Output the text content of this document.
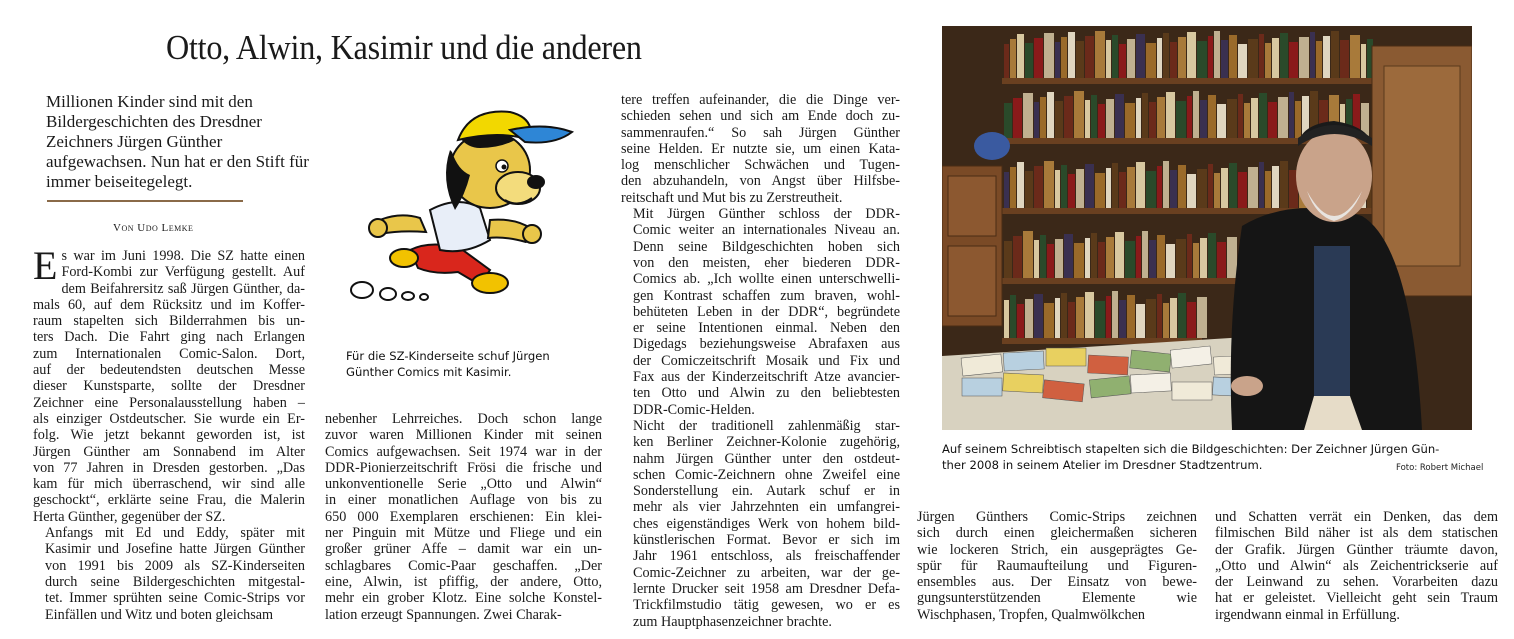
Otto, Alwin, Kasimir und die anderen
Millionen Kinder sind mit den Bildergeschichten des Dresdner Zeichners Jürgen Günther aufgewachsen. Nun hat er den Stift für immer beiseitegelegt.
Von Udo Lemke

E s war im Juni 1998. Die SZ hatte einen
Ford-Kombi zur Verfügung gestellt. Auf
dem Beifahrersitz saß Jürgen Günther, da-
mals 60, auf dem Rücksitz und im Koffer-
raum stapelten sich Bilderrahmen bis un-
ters Dach. Die Fahrt ging nach Erlangen
zum Internationalen Comic-Salon. Dort,
auf der bedeutendsten deutschen Messe
dieser Kunstsparte, sollte der Dresdner
Zeichner eine Personalausstellung haben –
als einziger Ostdeutscher. Sie wurde ein Er-
folg. Wie jetzt bekannt geworden ist, ist
Jürgen Günther am Sonnabend im Alter
von 77 Jahren in Dresden gestorben. „Das
kam für mich überraschend, wir sind alle
geschockt“, erklärte seine Frau, die Malerin
Herta Günther, gegenüber der SZ.

Anfangs mit Ed und Eddy, später mit
Kasimir und Josefine hatte Jürgen Günther
von 1991 bis 2009 als SZ-Kinderseiten
durch seine Bildergeschichten mitgestal-
tet. Immer sprühten seine Comic-Strips vor
Einfällen und Witz und boten gleichsam

Für die SZ-Kinderseite schuf Jürgen Günther Comics mit Kasimir.

nebenher Lehrreiches. Doch schon lange
zuvor waren Millionen Kinder mit seinen
Comics aufgewachsen. Seit 1974 war in der
DDR-Pionierzeitschrift Frösi die frische und
unkonventionelle Serie „Otto und Alwin“
in einer monatlichen Auflage von bis zu
650 000 Exemplaren erschienen: Ein klei-
ner Pinguin mit Mütze und Fliege und ein
großer grüner Affe – damit war ein un-
schlagbares Comic-Paar geschaffen. „Der
eine, Alwin, ist pfiffig, der andere, Otto,
mehr ein grober Klotz. Eine solche Konstel-
lation erzeugt Spannungen. Zwei Charak-

tere treffen aufeinander, die die Dinge ver-
schieden sehen und sich am Ende doch zu-
sammenraufen.“ So sah Jürgen Günther
seine Helden. Er nutzte sie, um einen Kata-
log menschlicher Schwächen und Tugen-
den abzuhandeln, von Angst über Hilfsbe-
reitschaft und Mut bis zu Zerstreutheit.

Mit Jürgen Günther schloss der DDR-
Comic weiter an internationales Niveau an.
Denn seine Bildgeschichten hoben sich
von den meisten, eher biederen DDR-
Comics ab. „Ich wollte einen unterschwelli-
gen Kontrast schaffen zum braven, wohl-
behüteten Leben in der DDR“, begründete
er seine Intentionen einmal. Neben den
Digedags beziehungsweise Abrafaxen aus
der Comiczeitschrift Mosaik und Fix und
Fax aus der Kinderzeitschrift Atze avancier-
ten Otto und Alwin zu den beliebtesten
DDR-Comic-Helden.

Nicht der traditionell zahlenmäßig star-
ken Berliner Zeichner-Kolonie zugehörig,
nahm Jürgen Günther unter den ostdeut-
schen Comic-Zeichnern ohne Zweifel eine
Sonderstellung ein. Autark schuf er in
mehr als vier Jahrzehnten ein umfangrei-
ches eigenständiges Werk von hohem bild-
künstlerischen Format. Bevor er sich im
Jahr 1961 entschloss, als freischaffender
Comic-Zeichner zu arbeiten, war der ge-
lernte Drucker seit 1958 am Dresdner Defa-
Trickfilmstudio tätig gewesen, wo er es
zum Hauptphasenzeichner brachte.

Auf seinem Schreibtisch stapelten sich die Bildgeschichten: Der Zeichner Jürgen Gün-
ther 2008 in seinem Atelier im Dresdner Stadtzentrum.	Foto: Robert Michael

Jürgen Günthers Comic-Strips zeichnen
sich durch einen gleichermaßen sicheren
wie lockeren Strich, ein ausgeprägtes Ge-
spür für Raumaufteilung und Figuren-
ensembles aus. Der Einsatz von bewe-
gungsunterstützenden Elemente wie
Wischphasen, Tropfen, Qualmwölkchen

und Schatten verrät ein Denken, das dem
filmischen Bild näher ist als dem statischen
der Grafik. Jürgen Günther träumte davon,
„Otto und Alwin“ als Zeichentrickserie auf
der Leinwand zu sehen. Vorarbeiten dazu
hat er geleistet. Vielleicht geht sein Traum
irgendwann einmal in Erfüllung.
